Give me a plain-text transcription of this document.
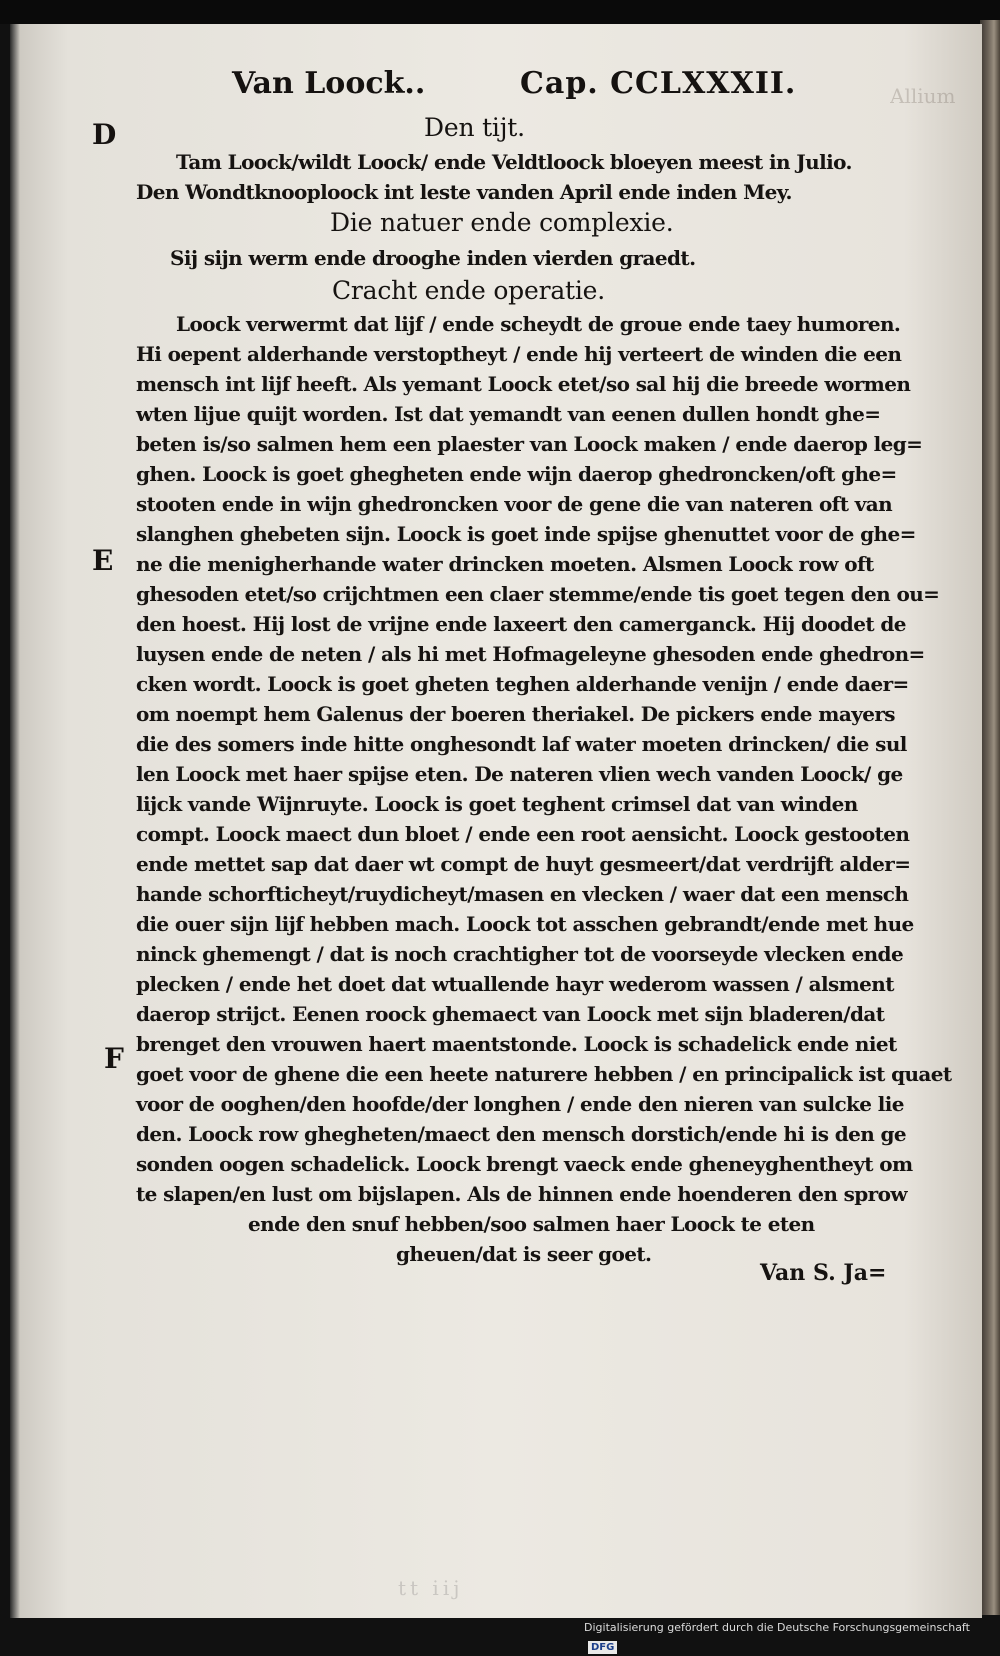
Allium
tt iij
Van Loock..	Cap. CCLXXXII.
D
E
F
Den tijt.
Tam Loock/wildt Loock/ ende Veldtloock bloeyen meest in Julio.
Den Wondtknooploock int leste vanden April ende inden Mey.
Die natuer ende complexie.
Sij sijn werm ende drooghe inden vierden graedt.
Cracht ende operatie.
Loock verwermt dat lijf / ende scheydt de groue ende taey humoren.
Hi oepent alderhande verstoptheyt / ende hij verteert de winden die een
mensch int lijf heeft. Als yemant Loock etet/so sal hij die breede wormen
wten lijue quijt worden. Ist dat yemandt van eenen dullen hondt ghe=
beten is/so salmen hem een plaester van Loock maken / ende daerop leg=
ghen. Loock is goet ghegheten ende wijn daerop ghedroncken/oft ghe=
stooten ende in wijn ghedroncken voor de gene die van nateren oft van
slanghen ghebeten sijn. Loock is goet inde spijse ghenuttet voor de ghe=
ne die menigherhande water drincken moeten. Alsmen Loock row oft
ghesoden etet/so crijchtmen een claer stemme/ende tis goet tegen den ou=
den hoest. Hij lost de vrijne ende laxeert den camerganck. Hij doodet de
luysen ende de neten / als hi met Hofmageleyne ghesoden ende ghedron=
cken wordt. Loock is goet gheten teghen alderhande venijn / ende daer=
om noempt hem Galenus der boeren theriakel. De pickers ende mayers
die des somers inde hitte onghesondt laf water moeten drincken/ die sul
len Loock met haer spijse eten. De nateren vlien wech vanden Loock/ ge
lijck vande Wijnruyte. Loock is goet teghent crimsel dat van winden
compt. Loock maect dun bloet / ende een root aensicht. Loock gestooten
ende mettet sap dat daer wt compt de huyt gesmeert/dat verdrijft alder=
hande schorfticheyt/ruydicheyt/masen en vlecken / waer dat een mensch
die ouer sijn lijf hebben mach. Loock tot asschen gebrandt/ende met hue
ninck ghemengt / dat is noch crachtigher tot de voorseyde vlecken ende
plecken / ende het doet dat wtuallende hayr wederom wassen / alsment
daerop strijct. Eenen roock ghemaect van Loock met sijn bladeren/dat
brenget den vrouwen haert maentstonde. Loock is schadelick ende niet
goet voor de ghene die een heete naturere hebben / en principalick ist quaet
voor de ooghen/den hoofde/der longhen / ende den nieren van sulcke lie
den. Loock row ghegheten/maect den mensch dorstich/ende hi is den ge
sonden oogen schadelick. Loock brengt vaeck ende gheneyghentheyt om
te slapen/en lust om bijslapen. Als de hinnen ende hoenderen den sprow
ende den snuf hebben/soo salmen haer Loock te eten
gheuen/dat is seer goet.
Van S. Ja=
Digitalisierung gefördert durch die Deutsche Forschungsgemeinschaft DFG
